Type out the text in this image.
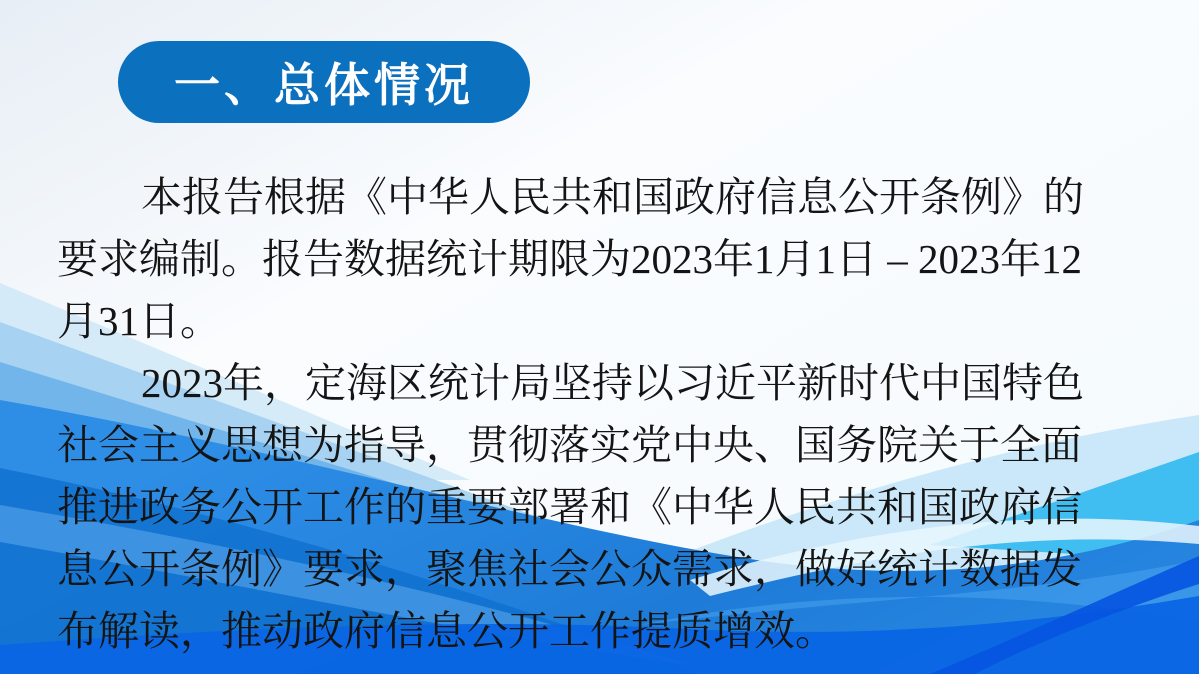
一、总体情况
本报告根据《中华人民共和国政府信息公开条例》的
要求编制。报告数据统计期限为2023年1月1日 – 2023年12
月31日。
2023年，定海区统计局坚持以习近平新时代中国特色
社会主义思想为指导，贯彻落实党中央、国务院关于全面
推进政务公开工作的重要部署和《中华人民共和国政府信
息公开条例》要求，聚焦社会公众需求，做好统计数据发
布解读，推动政府信息公开工作提质增效。
